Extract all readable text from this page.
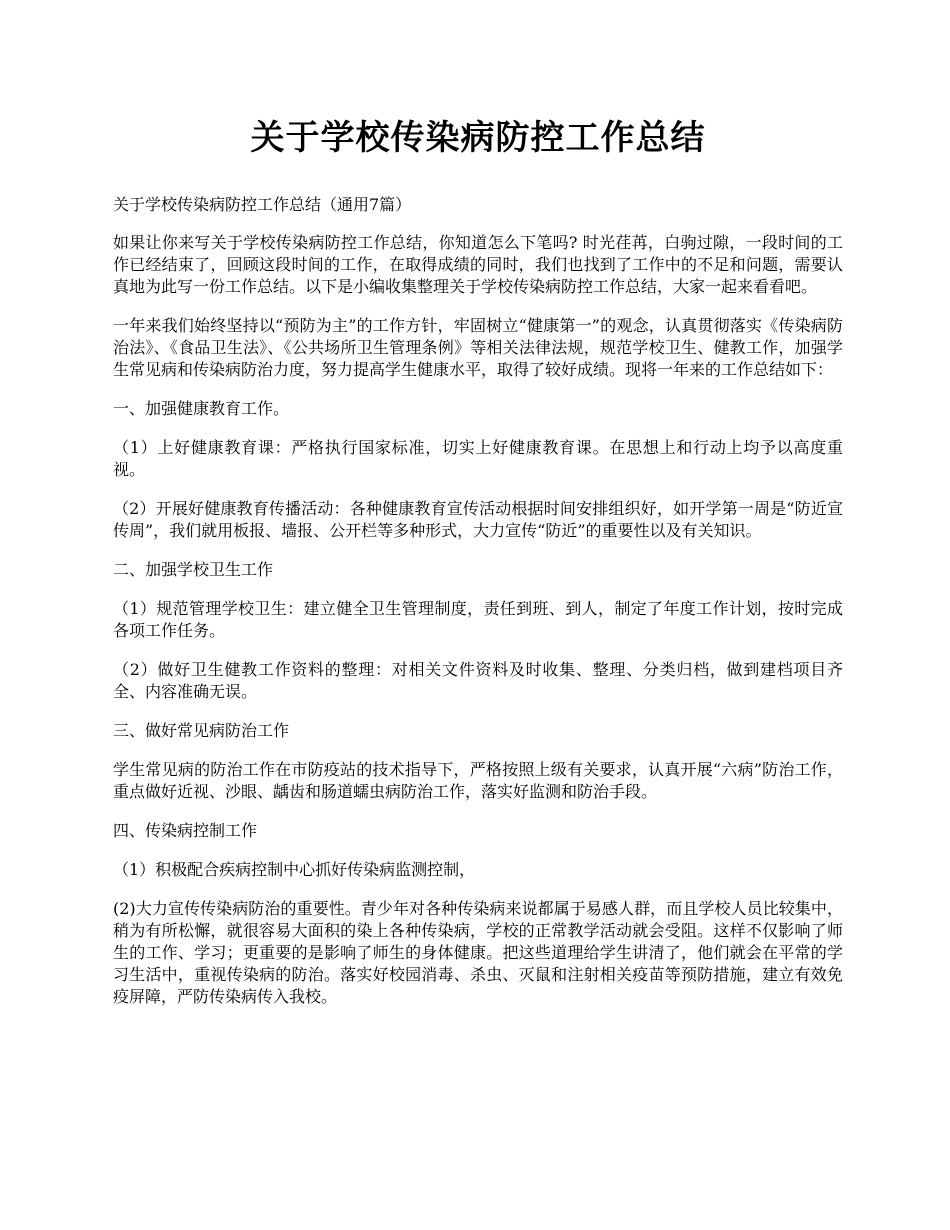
关于学校传染病防控工作总结

关于学校传染病防控工作总结（通用7篇）

如果让你来写关于学校传染病防控工作总结，你知道怎么下笔吗? 时光荏苒，白驹过隙，一段时间的工作已经结束了，回顾这段时间的工作，在取得成绩的同时，我们也找到了工作中的不足和问题，需要认真地为此写一份工作总结。以下是小编收集整理关于学校传染病防控工作总结，大家一起来看看吧。

一年来我们始终坚持以“预防为主”的工作方针，牢固树立“健康第一”的观念，认真贯彻落实《传染病防治法》、《食品卫生法》、《公共场所卫生管理条例》等相关法律法规，规范学校卫生、健教工作，加强学生常见病和传染病防治力度，努力提高学生健康水平，取得了较好成绩。现将一年来的工作总结如下：

一、加强健康教育工作。

（1）上好健康教育课：严格执行国家标准，切实上好健康教育课。在思想上和行动上均予以高度重视。

（2）开展好健康教育传播活动：各种健康教育宣传活动根据时间安排组织好，如开学第一周是“防近宣传周”，我们就用板报、墙报、公开栏等多种形式，大力宣传“防近”的重要性以及有关知识。

二、加强学校卫生工作

（1）规范管理学校卫生：建立健全卫生管理制度，责任到班、到人，制定了年度工作计划，按时完成各项工作任务。

（2）做好卫生健教工作资料的整理：对相关文件资料及时收集、整理、分类归档，做到建档项目齐全、内容准确无误。

三、做好常见病防治工作

学生常见病的防治工作在市防疫站的技术指导下，严格按照上级有关要求，认真开展“六病”防治工作，重点做好近视、沙眼、龋齿和肠道蠕虫病防治工作，落实好监测和防治手段。

四、传染病控制工作

（1）积极配合疾病控制中心抓好传染病监测控制，

(2)大力宣传传染病防治的重要性。青少年对各种传染病来说都属于易感人群，而且学校人员比较集中，稍为有所松懈，就很容易大面积的染上各种传染病，学校的正常教学活动就会受阻。这样不仅影响了师生的工作、学习；更重要的是影响了师生的身体健康。把这些道理给学生讲清了，他们就会在平常的学习生活中，重视传染病的防治。落实好校园消毒、杀虫、灭鼠和注射相关疫苗等预防措施，建立有效免疫屏障，严防传染病传入我校。
